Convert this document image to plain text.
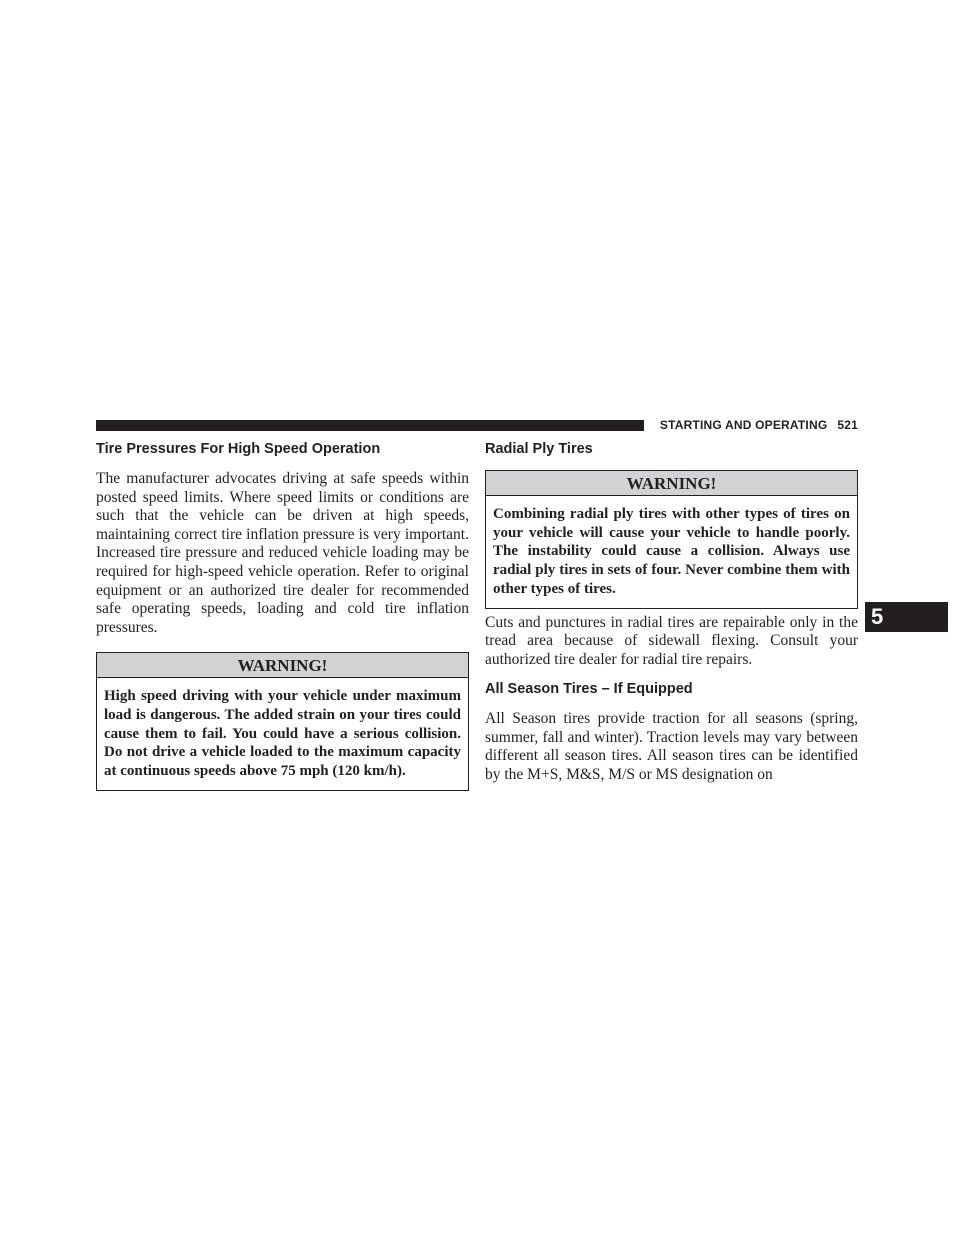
STARTING AND OPERATING 521
Tire Pressures For High Speed Operation

The manufacturer advocates driving at safe speeds within posted speed limits. Where speed limits or conditions are such that the vehicle can be driven at high speeds, maintaining correct tire inflation pressure is very important. Increased tire pressure and reduced vehicle loading may be required for high-speed vehicle operation. Refer to original equipment or an authorized tire dealer for recommended safe operating speeds, loading and cold tire inflation pressures.

WARNING!
High speed driving with your vehicle under maximum load is dangerous. The added strain on your tires could cause them to fail. You could have a serious collision. Do not drive a vehicle loaded to the maximum capacity at continuous speeds above 75 mph (120 km/h).
Radial Ply Tires
WARNING!
Combining radial ply tires with other types of tires on your vehicle will cause your vehicle to handle poorly. The instability could cause a collision. Always use radial ply tires in sets of four. Never combine them with other types of tires.

Cuts and punctures in radial tires are repairable only in the tread area because of sidewall flexing. Consult your authorized tire dealer for radial tire repairs.

All Season Tires – If Equipped

All Season tires provide traction for all seasons (spring, summer, fall and winter). Traction levels may vary between different all season tires. All season tires can be identified by the M+S, M&S, M/S or MS designation on

5
